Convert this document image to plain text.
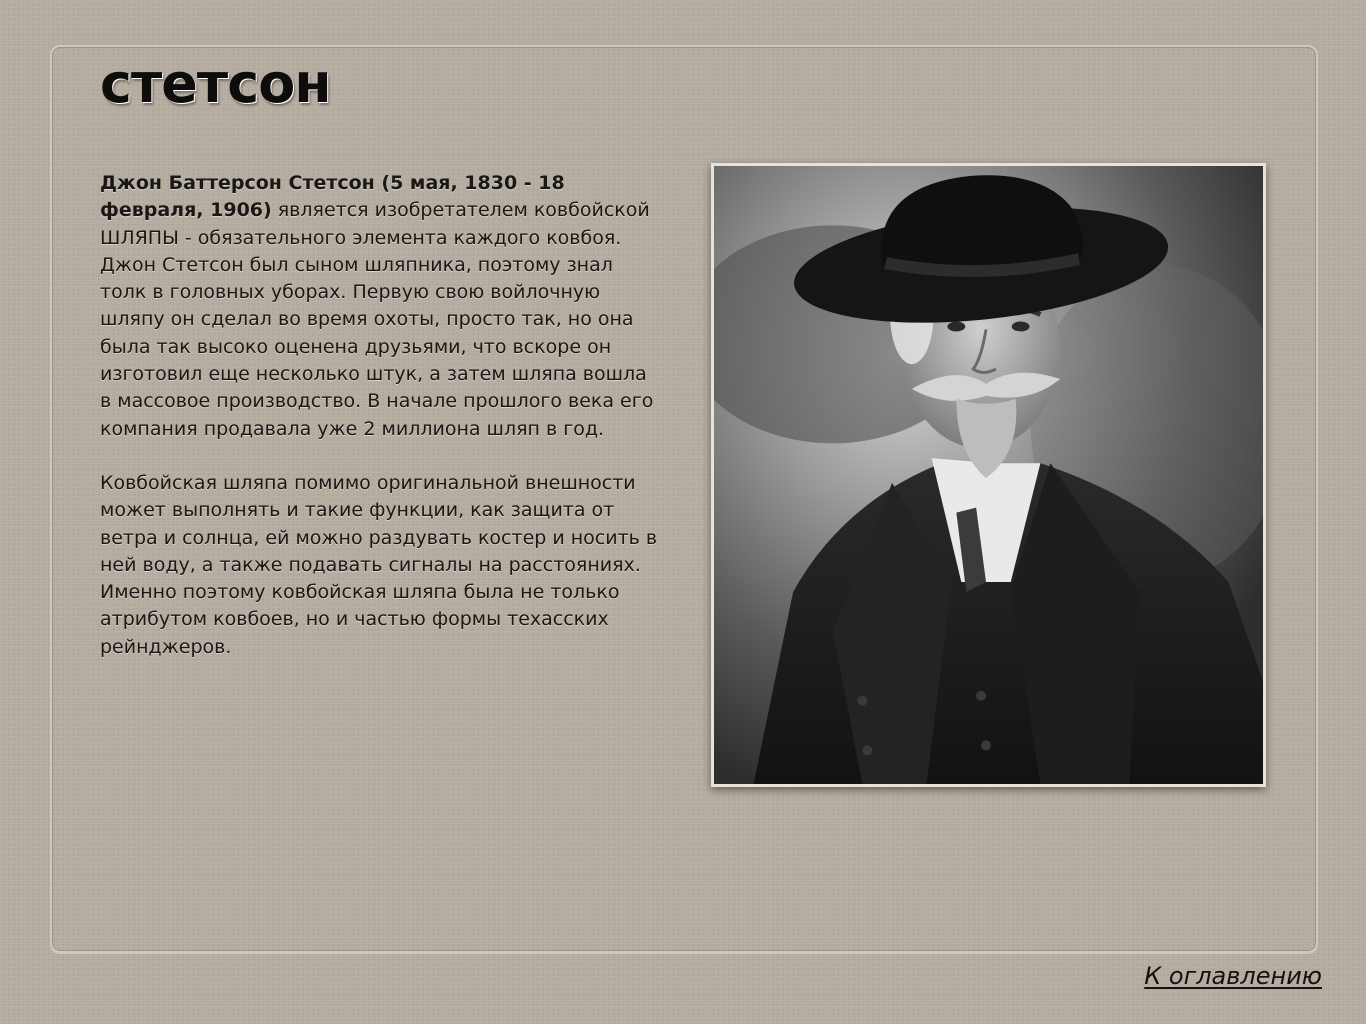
стетсон

Джон Баттерсон Стетсон (5 мая, 1830 - 18 февраля, 1906) является изобретателем ковбойской ШЛЯПЫ - обязательного элемента каждого ковбоя. Джон Стетсон был сыном шляпника, поэтому знал толк в головных уборах. Первую свою войлочную шляпу он сделал во время охоты, просто так, но она была так высоко оценена друзьями, что вскоре он изготовил еще несколько штук, а затем шляпа вошла в массовое производство. В начале прошлого века его компания продавала уже 2 миллиона шляп в год.

Ковбойская шляпа помимо оригинальной внешности может выполнять и такие функции, как защита от ветра и солнца, ей можно раздувать костер и носить в ней воду, а также подавать сигналы на расстояниях. Именно поэтому ковбойская шляпа была не только атрибутом ковбоев, но и частью формы техасских рейнджеров.

К оглавлению
